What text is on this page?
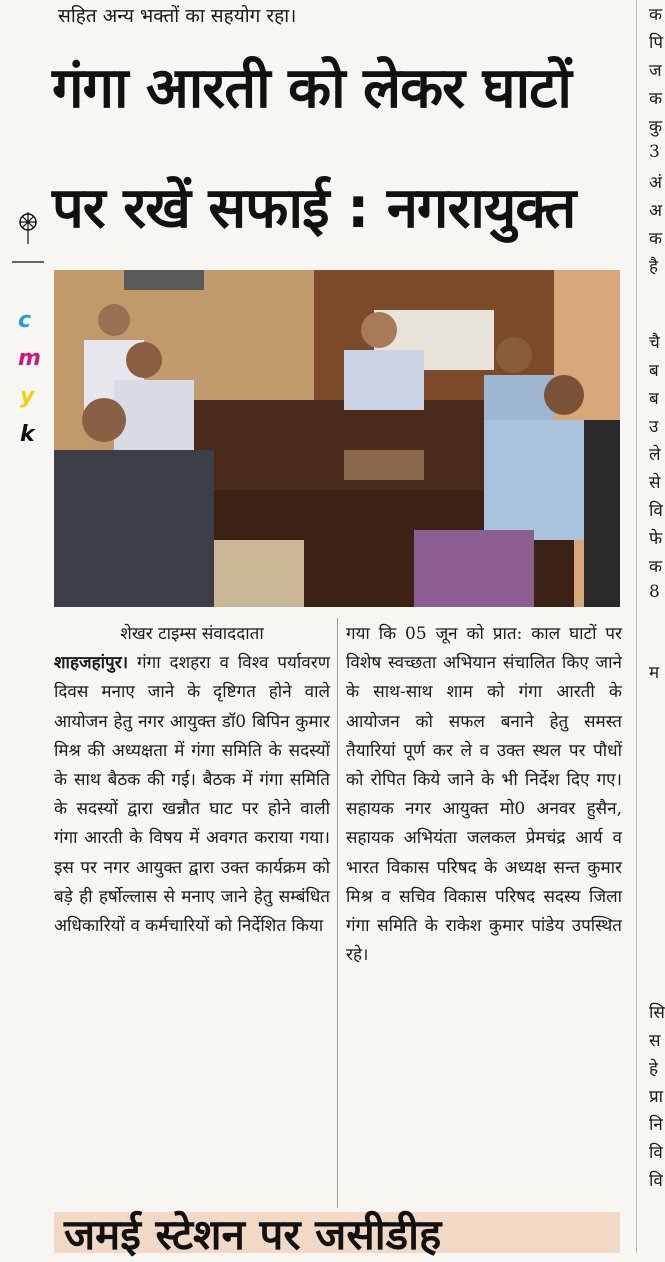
सहित अन्य भक्तों का सहयोग रहा।
गंगा आरती को लेकर घाटों
पर रखें सफाई : नगरायुक्त
c
m
y
k

शेखर टाइम्स संवाददाता

शाहजहांपुर। गंगा दशहरा व विश्व पर्यावरण दिवस मनाए जाने के दृष्टिगत होने वाले आयोजन हेतु नगर आयुक्त डॉ0 बिपिन कुमार मिश्र की अध्यक्षता में गंगा समिति के सदस्यों के साथ बैठक की गई। बैठक में गंगा समिति के सदस्यों द्वारा खन्नौत घाट पर होने वाली गंगा आरती के विषय में अवगत कराया गया। इस पर नगर आयुक्त द्वारा उक्त कार्यक्रम को बड़े ही हर्षोल्लास से मनाए जाने हेतु सम्बंधित अधिकारियों व कर्मचारियों को निर्देशित किया

गया कि 05 जून को प्रात: काल घाटों पर विशेष स्वच्छता अभियान संचालित किए जाने के साथ-साथ शाम को गंगा आरती के आयोजन को सफल बनाने हेतु समस्त तैयारियां पूर्ण कर ले व उक्त स्थल पर पौधों को रोपित किये जाने के भी निर्देश दिए गए। सहायक नगर आयुक्त मो0 अनवर हुसैन, सहायक अभियंता जलकल प्रेमचंद्र आर्य व भारत विकास परिषद के अध्यक्ष सन्त कुमार मिश्र व सचिव विकास परिषद सदस्य जिला गंगा समिति के राकेश कुमार पांडेय उपस्थित रहे।

जमई स्टेशन पर जसीडीह
क
पि
ज
क
कु
3
अं
अ
क
है
चै
ब
ब
उ
ले
से
वि
फे
क
8
म
सि
स
हे
प्रा
नि
वि
वि
